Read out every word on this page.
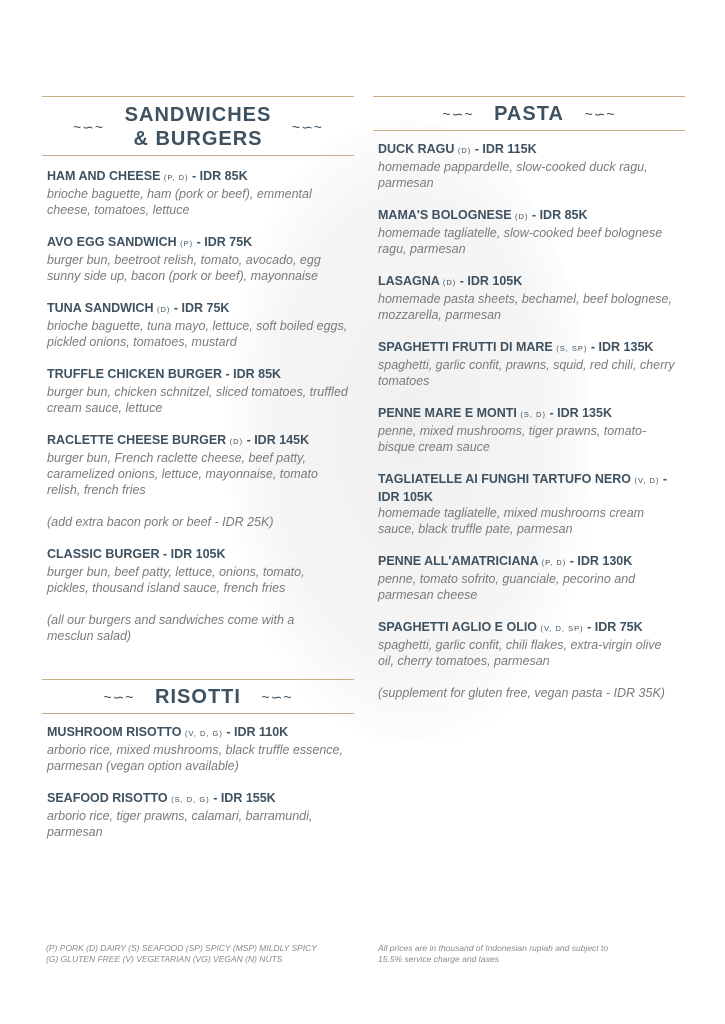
~∽~ SANDWICHES
& BURGERS ~∽~
HAM AND CHEESE (P, D) - IDR 85K
brioche baguette, ham (pork or beef), emmental cheese, tomatoes, lettuce
AVO EGG SANDWICH (P) - IDR 75K
burger bun, beetroot relish, tomato, avocado, egg sunny side up, bacon (pork or beef), mayonnaise
TUNA SANDWICH (D) - IDR 75K
brioche baguette, tuna mayo, lettuce, soft boiled eggs, pickled onions, tomatoes, mustard
TRUFFLE CHICKEN BURGER - IDR 85K
burger bun, chicken schnitzel, sliced tomatoes, truffled cream sauce, lettuce
RACLETTE CHEESE BURGER (D) - IDR 145K
burger bun, French raclette cheese, beef patty, caramelized onions, lettuce, mayonnaise, tomato relish, french fries
(add extra bacon pork or beef - IDR 25K)
CLASSIC BURGER - IDR 105K
burger bun, beef patty, lettuce, onions, tomato, pickles, thousand island sauce, french fries
(all our burgers and sandwiches come with a mesclun salad)
~∽~ RISOTTI ~∽~
MUSHROOM RISOTTO (V, D, G) - IDR 110K
arborio rice, mixed mushrooms, black truffle essence, parmesan (vegan option available)
SEAFOOD RISOTTO (S, D, G) - IDR 155K
arborio rice, tiger prawns, calamari, barramundi, parmesan
~∽~ PASTA ~∽~
DUCK RAGU (D) - IDR 115K
homemade pappardelle, slow-cooked duck ragu, parmesan
MAMA'S BOLOGNESE (D) - IDR 85K
homemade tagliatelle, slow-cooked beef bolognese ragu, parmesan
LASAGNA (D) - IDR 105K
homemade pasta sheets, bechamel, beef bolognese, mozzarella, parmesan
SPAGHETTI FRUTTI DI MARE (S, SP) - IDR 135K
spaghetti, garlic confit, prawns, squid, red chili, cherry tomatoes
PENNE MARE E MONTI (S, D) - IDR 135K
penne, mixed mushrooms, tiger prawns, tomato-bisque cream sauce
TAGLIATELLE AI FUNGHI TARTUFO NERO (V, D) - IDR 105K
homemade tagliatelle, mixed mushrooms cream sauce, black truffle pate, parmesan
PENNE ALL'AMATRICIANA (P, D) - IDR 130K
penne, tomato sofrito, guanciale, pecorino and parmesan cheese
SPAGHETTI AGLIO E OLIO (V, D, SP) - IDR 75K
spaghetti, garlic confit, chili flakes, extra-virgin olive oil, cherry tomatoes, parmesan
(supplement for gluten free, vegan pasta - IDR 35K)
(P) PORK (D) DAIRY (S) SEAFOOD (SP) SPICY (MSP) MILDLY SPICY
(G) GLUTEN FREE (V) VEGETARIAN (VG) VEGAN (N) NUTS
All prices are in thousand of Indonesian rupiah and subject to
15.5% service charge and taxes
